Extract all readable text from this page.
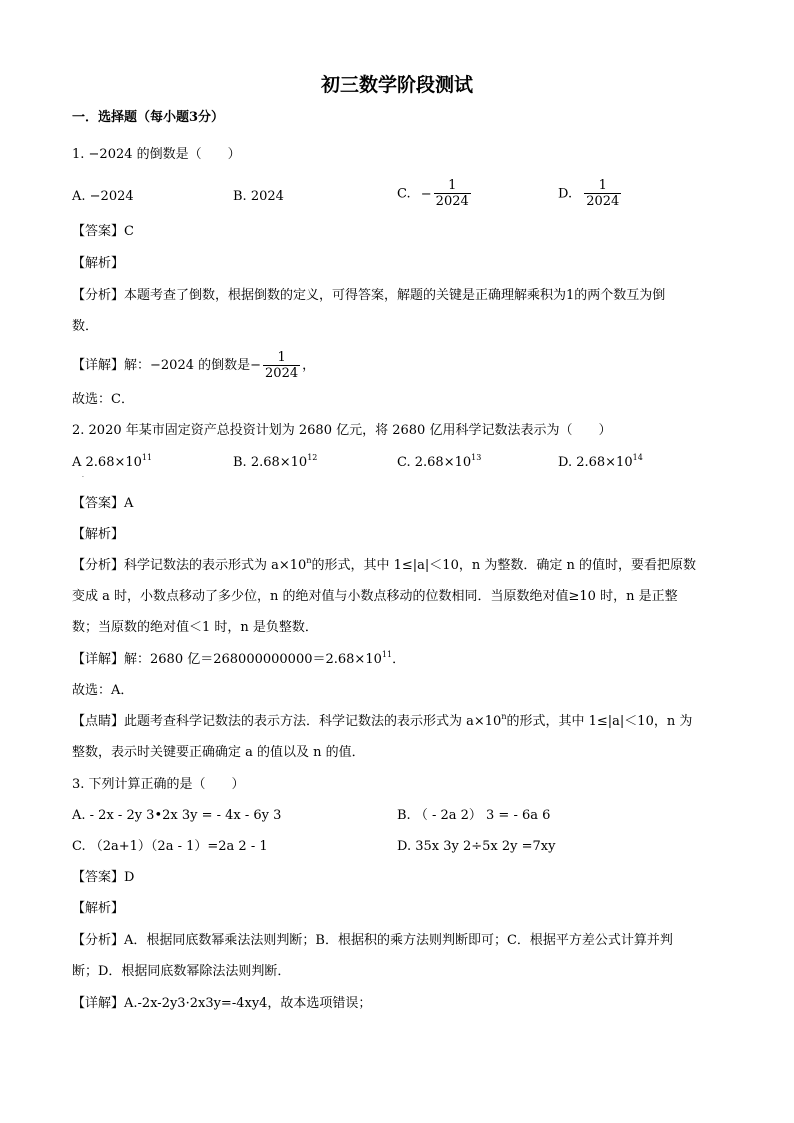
初三数学阶段测试
一．选择题（每小题3分）
1. −2024 的倒数是（　　）
A. −2024	B. 2024	C. − $\frac{1}{2024}$	D. $\frac{1}{2024}$
【答案】C
【解析】
【分析】本题考查了倒数，根据倒数的定义，可得答案，解题的关键是正确理解乘积为1的两个数互为倒
数．
【详解】解：−2024 的倒数是− $\frac{1}{2024}$ ，
故选：C．
2. 2020 年某市固定资产总投资计划为 2680 亿元，将 2680 亿用科学记数法表示为（　　）
A $2.68\times 10^{11}$	B. $2.68\times 10^{12}$	C. $2.68\times 10^{13}$	D. $2.68\times 10^{14}$
·
【答案】A
【解析】
【分析】科学记数法的表示形式为 $a\times 10^n$的形式，其中 1≤|a|＜10，n 为整数．确定 n 的值时，要看把原数
变成 a 时，小数点移动了多少位，n 的绝对值与小数点移动的位数相同．当原数绝对值≥10 时，n 是正整
数；当原数的绝对值＜1 时，n 是负整数．
【详解】解：2680 亿$=268000000000=2.68\times 10^{11}$．
故选：A．
【点睛】此题考查科学记数法的表示方法．科学记数法的表示形式为 $a\times 10^n$的形式，其中 1≤|a|＜10，n 为
整数，表示时关键要正确确定 a 的值以及 n 的值．
3. 下列计算正确的是（　　）
A. - 2x - 2y 3•2x 3y = - 4x - 6y 3	B. （ - 2a 2） 3 = - 6a 6
C. （2a+1）（2a - 1）=2a 2 - 1	D. 35x 3y 2÷5x 2y =7xy
【答案】D
【解析】
【分析】A．根据同底数幂乘法法则判断；B．根据积的乘方法则判断即可；C．根据平方差公式计算并判
断；D．根据同底数幂除法法则判断．
【详解】A.-2x-2y3·2x3y=-4xy4，故本选项错误；
